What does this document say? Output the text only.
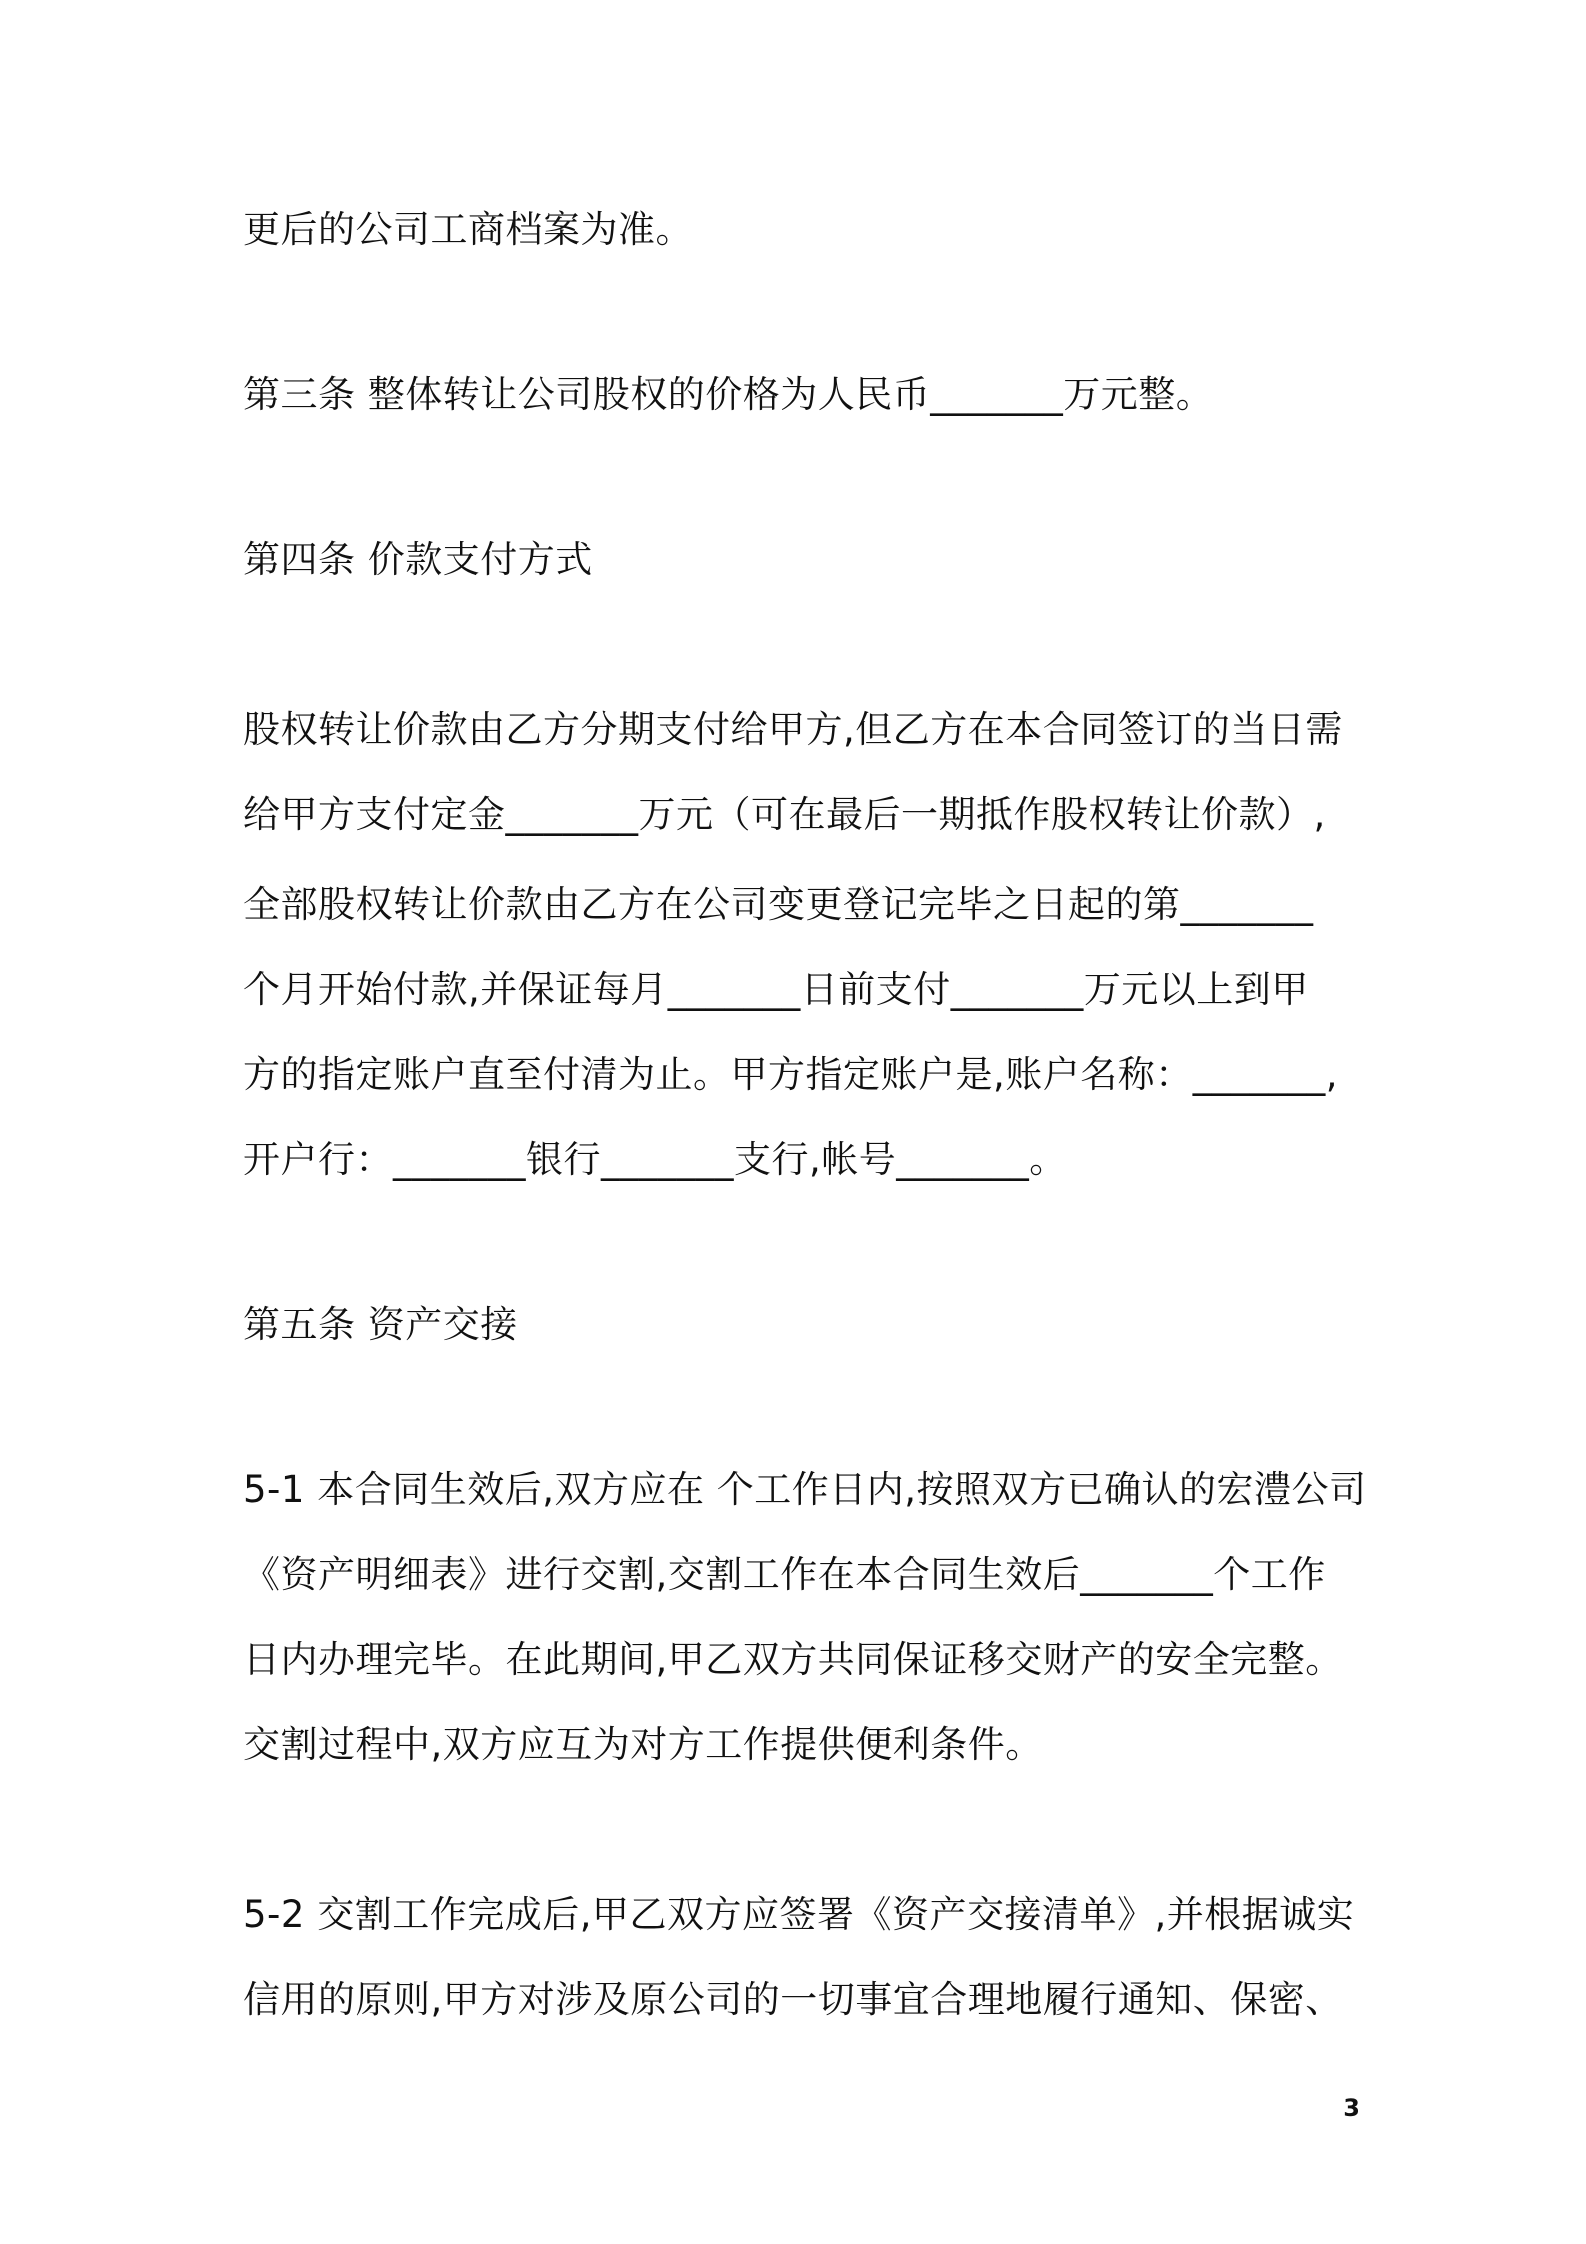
更后的公司工商档案为准。
第三条 整体转让公司股权的价格为人民币_______万元整。
第四条 价款支付方式
股权转让价款由乙方分期支付给甲方,但乙方在本合同签订的当日需
给甲方支付定金_______万元（可在最后一期抵作股权转让价款）,
全部股权转让价款由乙方在公司变更登记完毕之日起的第_______
个月开始付款,并保证每月_______日前支付_______万元以上到甲
方的指定账户直至付清为止。甲方指定账户是,账户名称：_______,
开户行：_______银行_______支行,帐号_______。
第五条 资产交接
5-1 本合同生效后,双方应在 个工作日内,按照双方已确认的宏澧公司
《资产明细表》进行交割,交割工作在本合同生效后_______个工作
日内办理完毕。在此期间,甲乙双方共同保证移交财产的安全完整。
交割过程中,双方应互为对方工作提供便利条件。
5-2 交割工作完成后,甲乙双方应签署《资产交接清单》,并根据诚实
信用的原则,甲方对涉及原公司的一切事宜合理地履行通知、保密、
3
